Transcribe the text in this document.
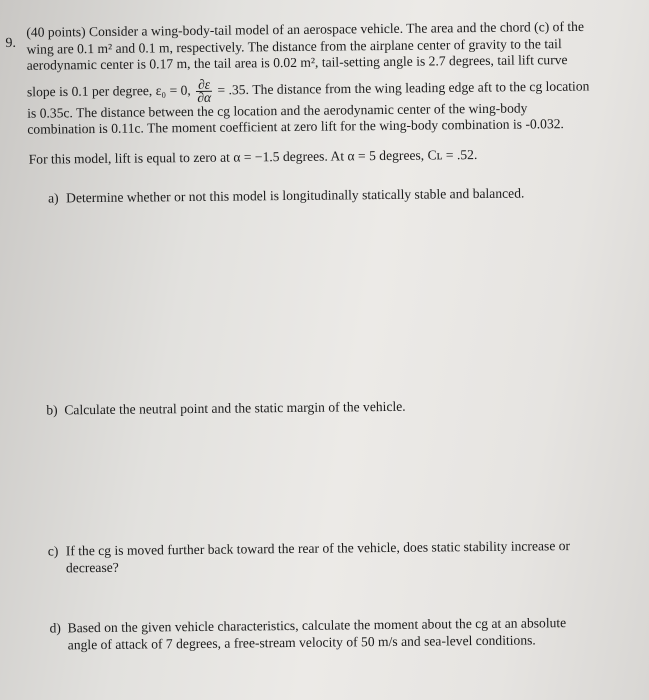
9.
(40 points) Consider a wing-body-tail model of an aerospace vehicle. The area and the chord (c) of the
wing are 0.1 m² and 0.1 m, respectively. The distance from the airplane center of gravity to the tail
aerodynamic center is 0.17 m, the tail area is 0.02 m², tail-setting angle is 2.7 degrees, tail lift curve
slope is 0.1 per degree, ε₀ = 0, $\frac{\partial\varepsilon}{\partial\alpha} = .35$. The distance from the wing leading edge aft to the cg location
is 0.35c. The distance between the cg location and the aerodynamic center of the wing-body
combination is 0.11c. The moment coefficient at zero lift for the wing-body combination is -0.032.
For this model, lift is equal to zero at α = −1.5 degrees. At α = 5 degrees, Cʟ = .52.
a) Determine whether or not this model is longitudinally statically stable and balanced.
b) Calculate the neutral point and the static margin of the vehicle.
c) If the cg is moved further back toward the rear of the vehicle, does static stability increase or
decrease?
d) Based on the given vehicle characteristics, calculate the moment about the cg at an absolute
angle of attack of 7 degrees, a free-stream velocity of 50 m/s and sea-level conditions.
